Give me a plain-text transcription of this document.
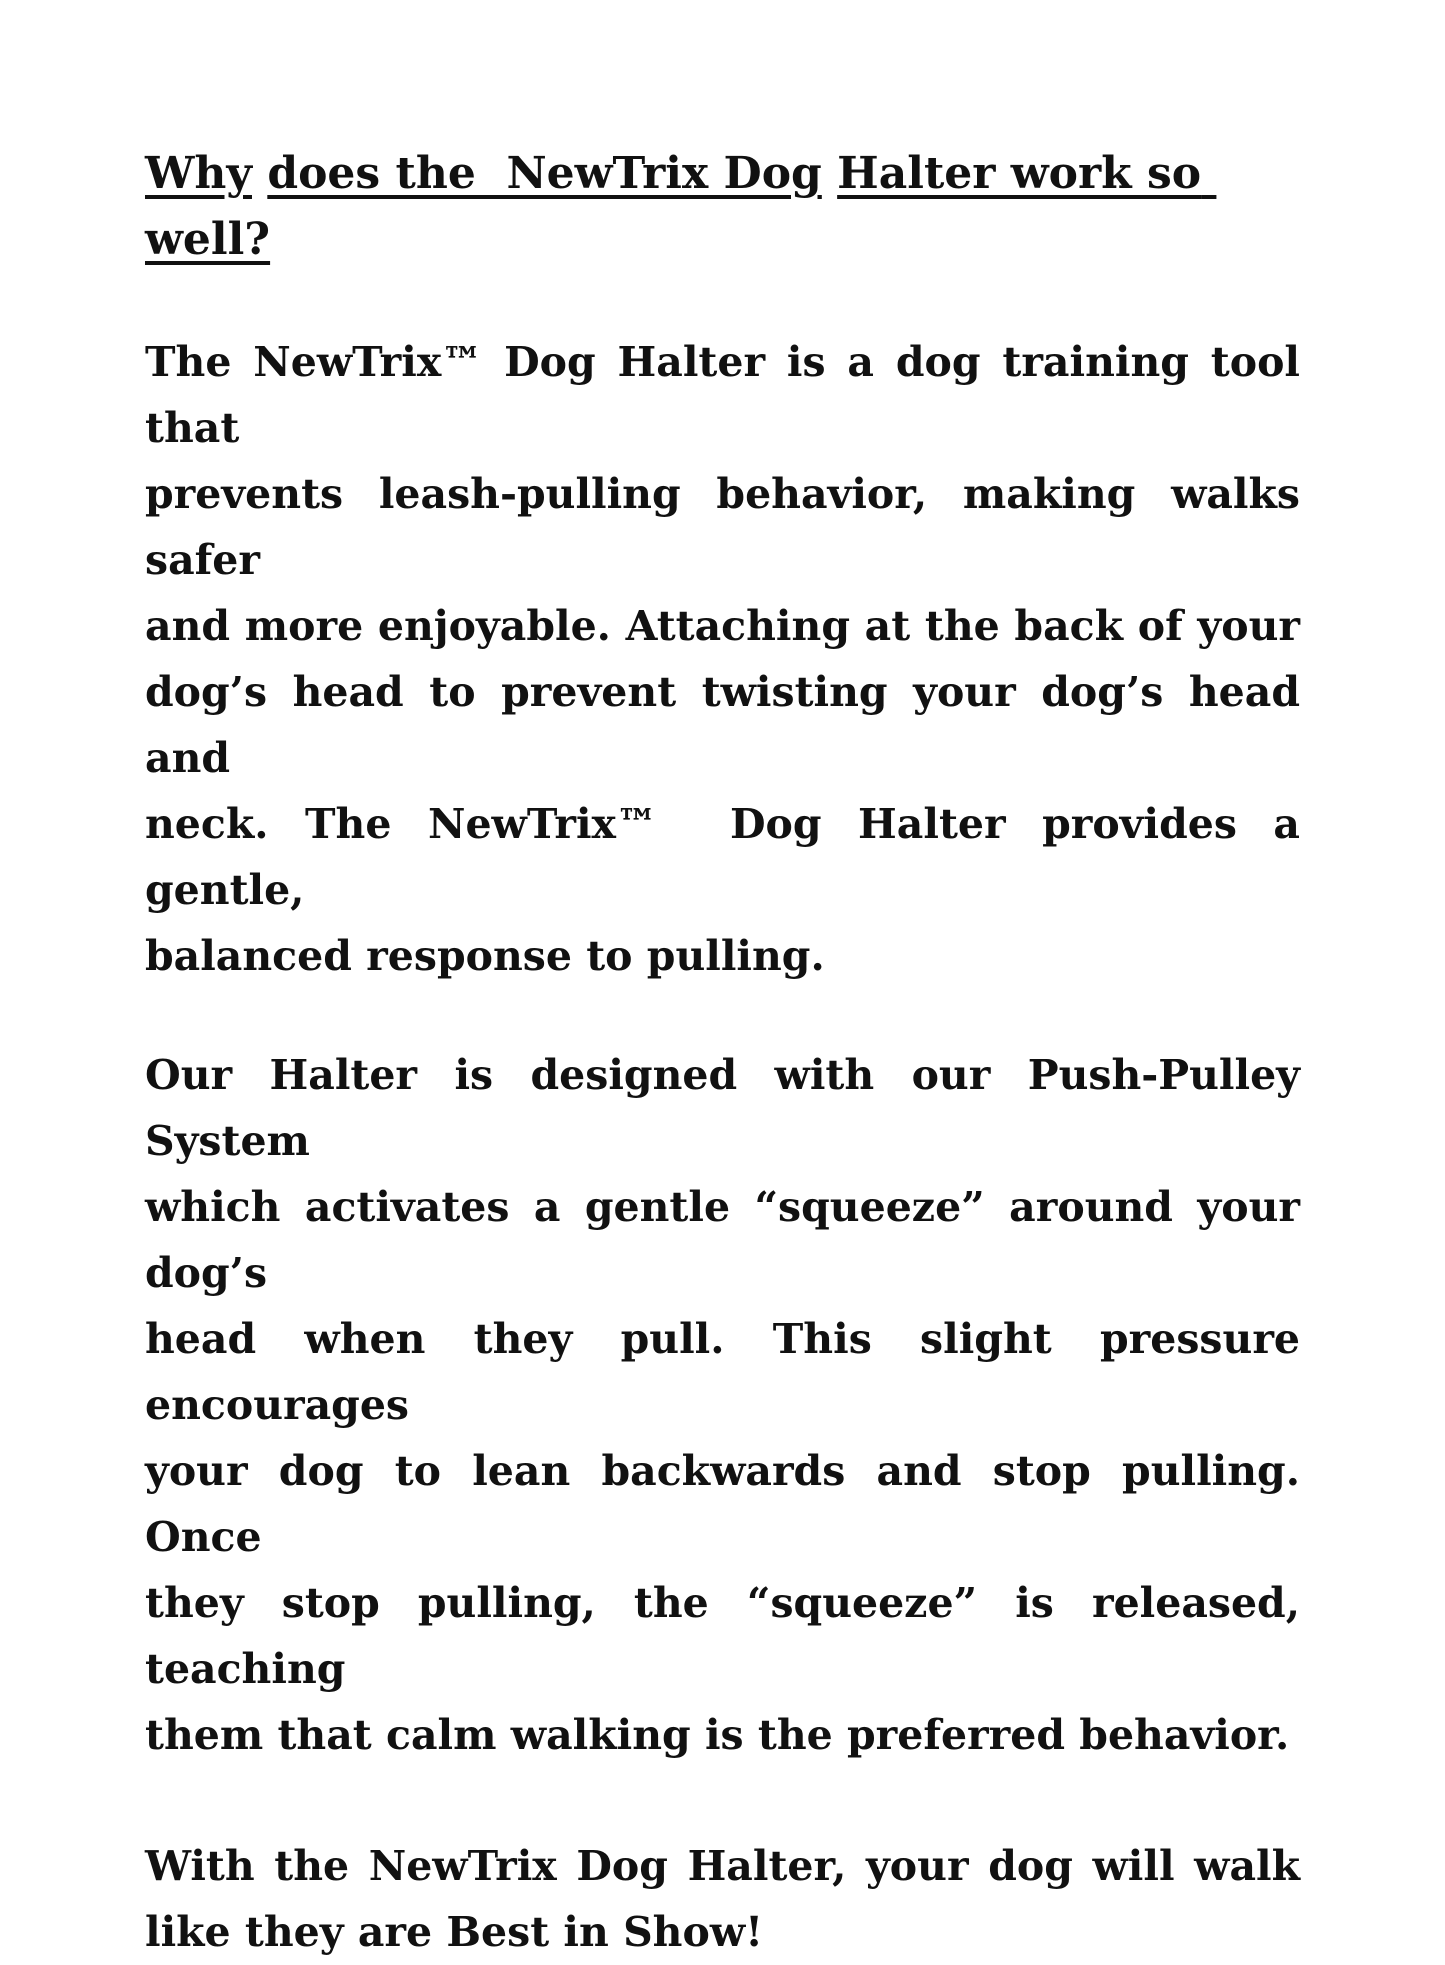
Why does the  NewTrix Dog Halter work so well?
The NewTrix™ Dog Halter is a dog training tool that
prevents leash-pulling behavior, making walks safer
and more enjoyable. Attaching at the back of your
dog’s head to prevent twisting your dog’s head and
neck. The NewTrix™  Dog Halter provides a gentle,
balanced response to pulling.
Our Halter is designed with our Push-Pulley System
which activates a gentle “squeeze” around your dog’s
head when they pull. This slight pressure encourages
your dog to lean backwards and stop pulling. Once
they stop pulling, the “squeeze” is released, teaching
them that calm walking is the preferred behavior.
With the NewTrix Dog Halter, your dog will walk
like they are Best in Show!
